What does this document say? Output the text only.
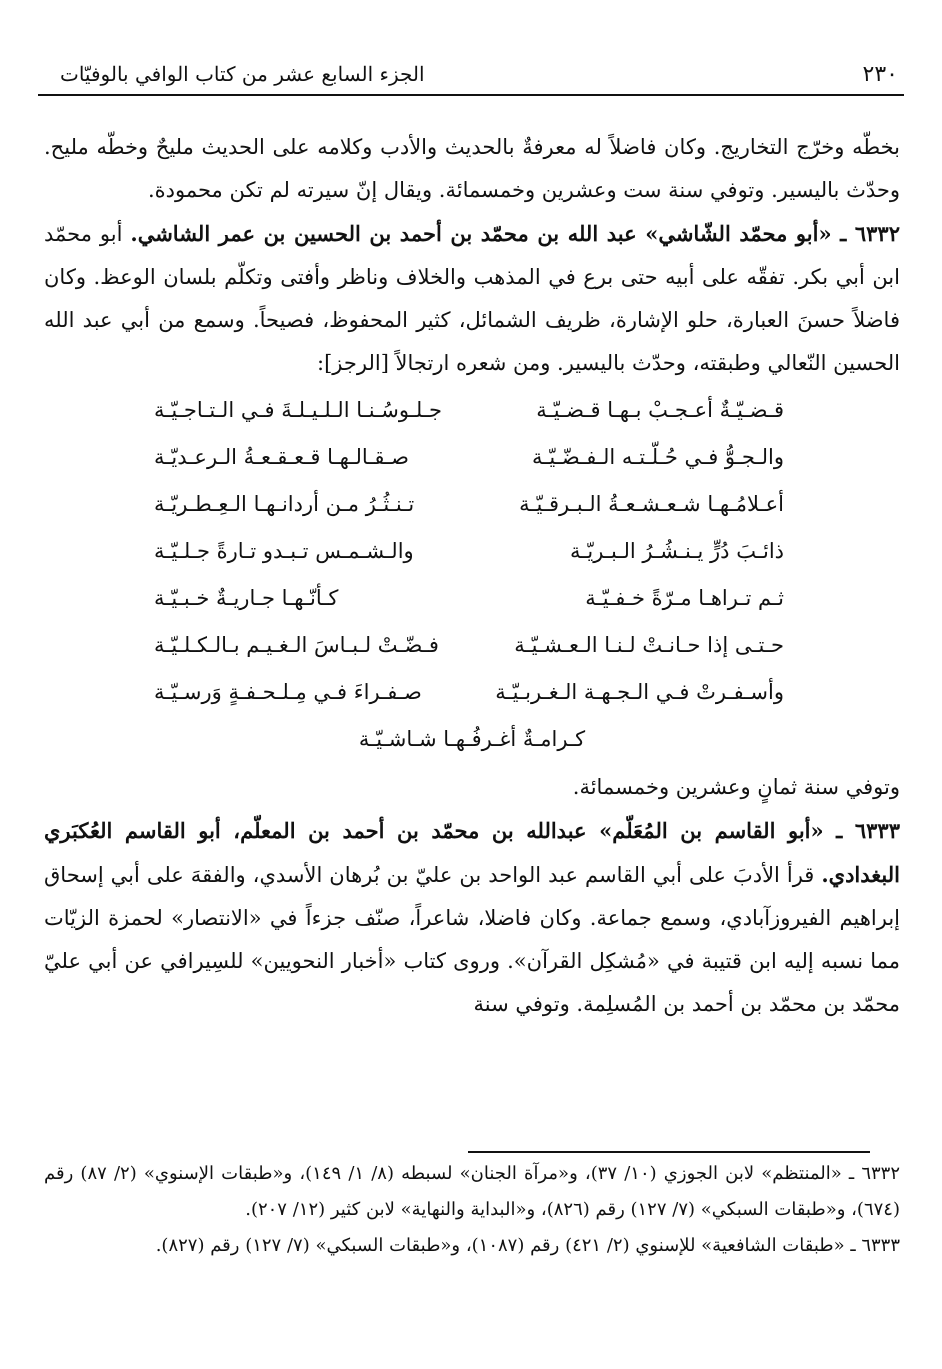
٢٣٠
الجزء السابع عشر من كتاب الوافي بالوفيّات

بخطّه وخرّج التخاريج. وكان فاضلاً له معرفةٌ بالحديث والأدب وكلامه على الحديث مليحٌ وخطّه مليح. وحدّث باليسير. وتوفي سنة ست وعشرين وخمسمائة. ويقال إنّ سيرته لم تكن محمودة.

٦٣٣٢ ـ «أبو محمّد الشّاشي» عبد الله بن محمّد بن أحمد بن الحسين بن عمر الشاشي. أبو محمّد ابن أبي بكر. تفقّه على أبيه حتى برع في المذهب والخلاف وناظر وأفتى وتكلّم بلسان الوعظ. وكان فاضلاً حسنَ العبارة، حلو الإشارة، ظريف الشمائل، كثير المحفوظ، فصيحاً. وسمع من أبي عبد الله الحسين النّعالي وطبقته، وحدّث باليسير. ومن شعره ارتجالاً [الرجز]:

قـضـيّـةٌ أعـجـبْ بـهـا قـضـيّـة
جـلـوسُـنـا الـلـيـلـةَ فـي الـتـاجـيّـة
والـجـوُّ فـي حُـلّـتـه الـفـضّـيّـة
صـقـالـهـا قـعـقـعـةُ الـرعـديّـة
أعـلامُـهـا شـعـشـعـةُ الـبـرقـيّـة
تـنـثُـرُ مـن أردانـهـا الـعِـطـريّـة
ذائـبَ دُرٍّ يـنـشُـرُ الـبـريّـة
والـشـمـس تـبـدو تـارةً جـلـيّـة
ثـم تـراهـا مـرّةً خـفـيّـة
كـأنّـهـا جـاريـةٌ خـبـيّـة
حـتـى إذا حـانـتْ لـنـا الـعـشـيّـة
فـضّـتْ لـبـاسَ الـغـيـم بـالـكـلـيّـة
وأسـفـرتْ فـي الـجـهـة الـغـربـيّـة
صـفـراءَ فـي مِـلـحـفـةٍ وَرسـيّـة
كـرامـةٌ أغـرفُـهـا شـاشـيّـة

وتوفي سنة ثمانٍ وعشرين وخمسمائة.

٦٣٣٣ ـ «أبو القاسم بن المُعَلّم» عبدالله بن محمّد بن أحمد بن المعلّم، أبو القاسم العُكبَري البغدادي. قرأ الأدبَ على أبي القاسم عبد الواحد بن عليّ بن بُرهان الأسدي، والفقهَ على أبي إسحاق إبراهيم الفيروزآبادي، وسمع جماعة. وكان فاضلا، شاعراً، صنّف جزءاً في «الانتصار» لحمزة الزيّات مما نسبه إليه ابن قتيبة في «مُشكِل القرآن». وروى كتاب «أخبار النحويين» للسِيرافي عن أبي عليّ محمّد بن محمّد بن أحمد بن المُسلِمة. وتوفي سنة

٦٣٣٢ ـ «المنتظم» لابن الجوزي (١٠/ ٣٧)، و«مرآة الجنان» لسبطه (٨/ ١/ ١٤٩)، و«طبقات الإسنوي» (٢/ ٨٧) رقم (٦٧٤)، و«طبقات السبكي» (٧/ ١٢٧) رقم (٨٢٦)، و«البداية والنهاية» لابن كثير (١٢/ ٢٠٧).

٦٣٣٣ ـ «طبقات الشافعية» للإسنوي (٢/ ٤٢١) رقم (١٠٨٧)، و«طبقات السبكي» (٧/ ١٢٧) رقم (٨٢٧).
